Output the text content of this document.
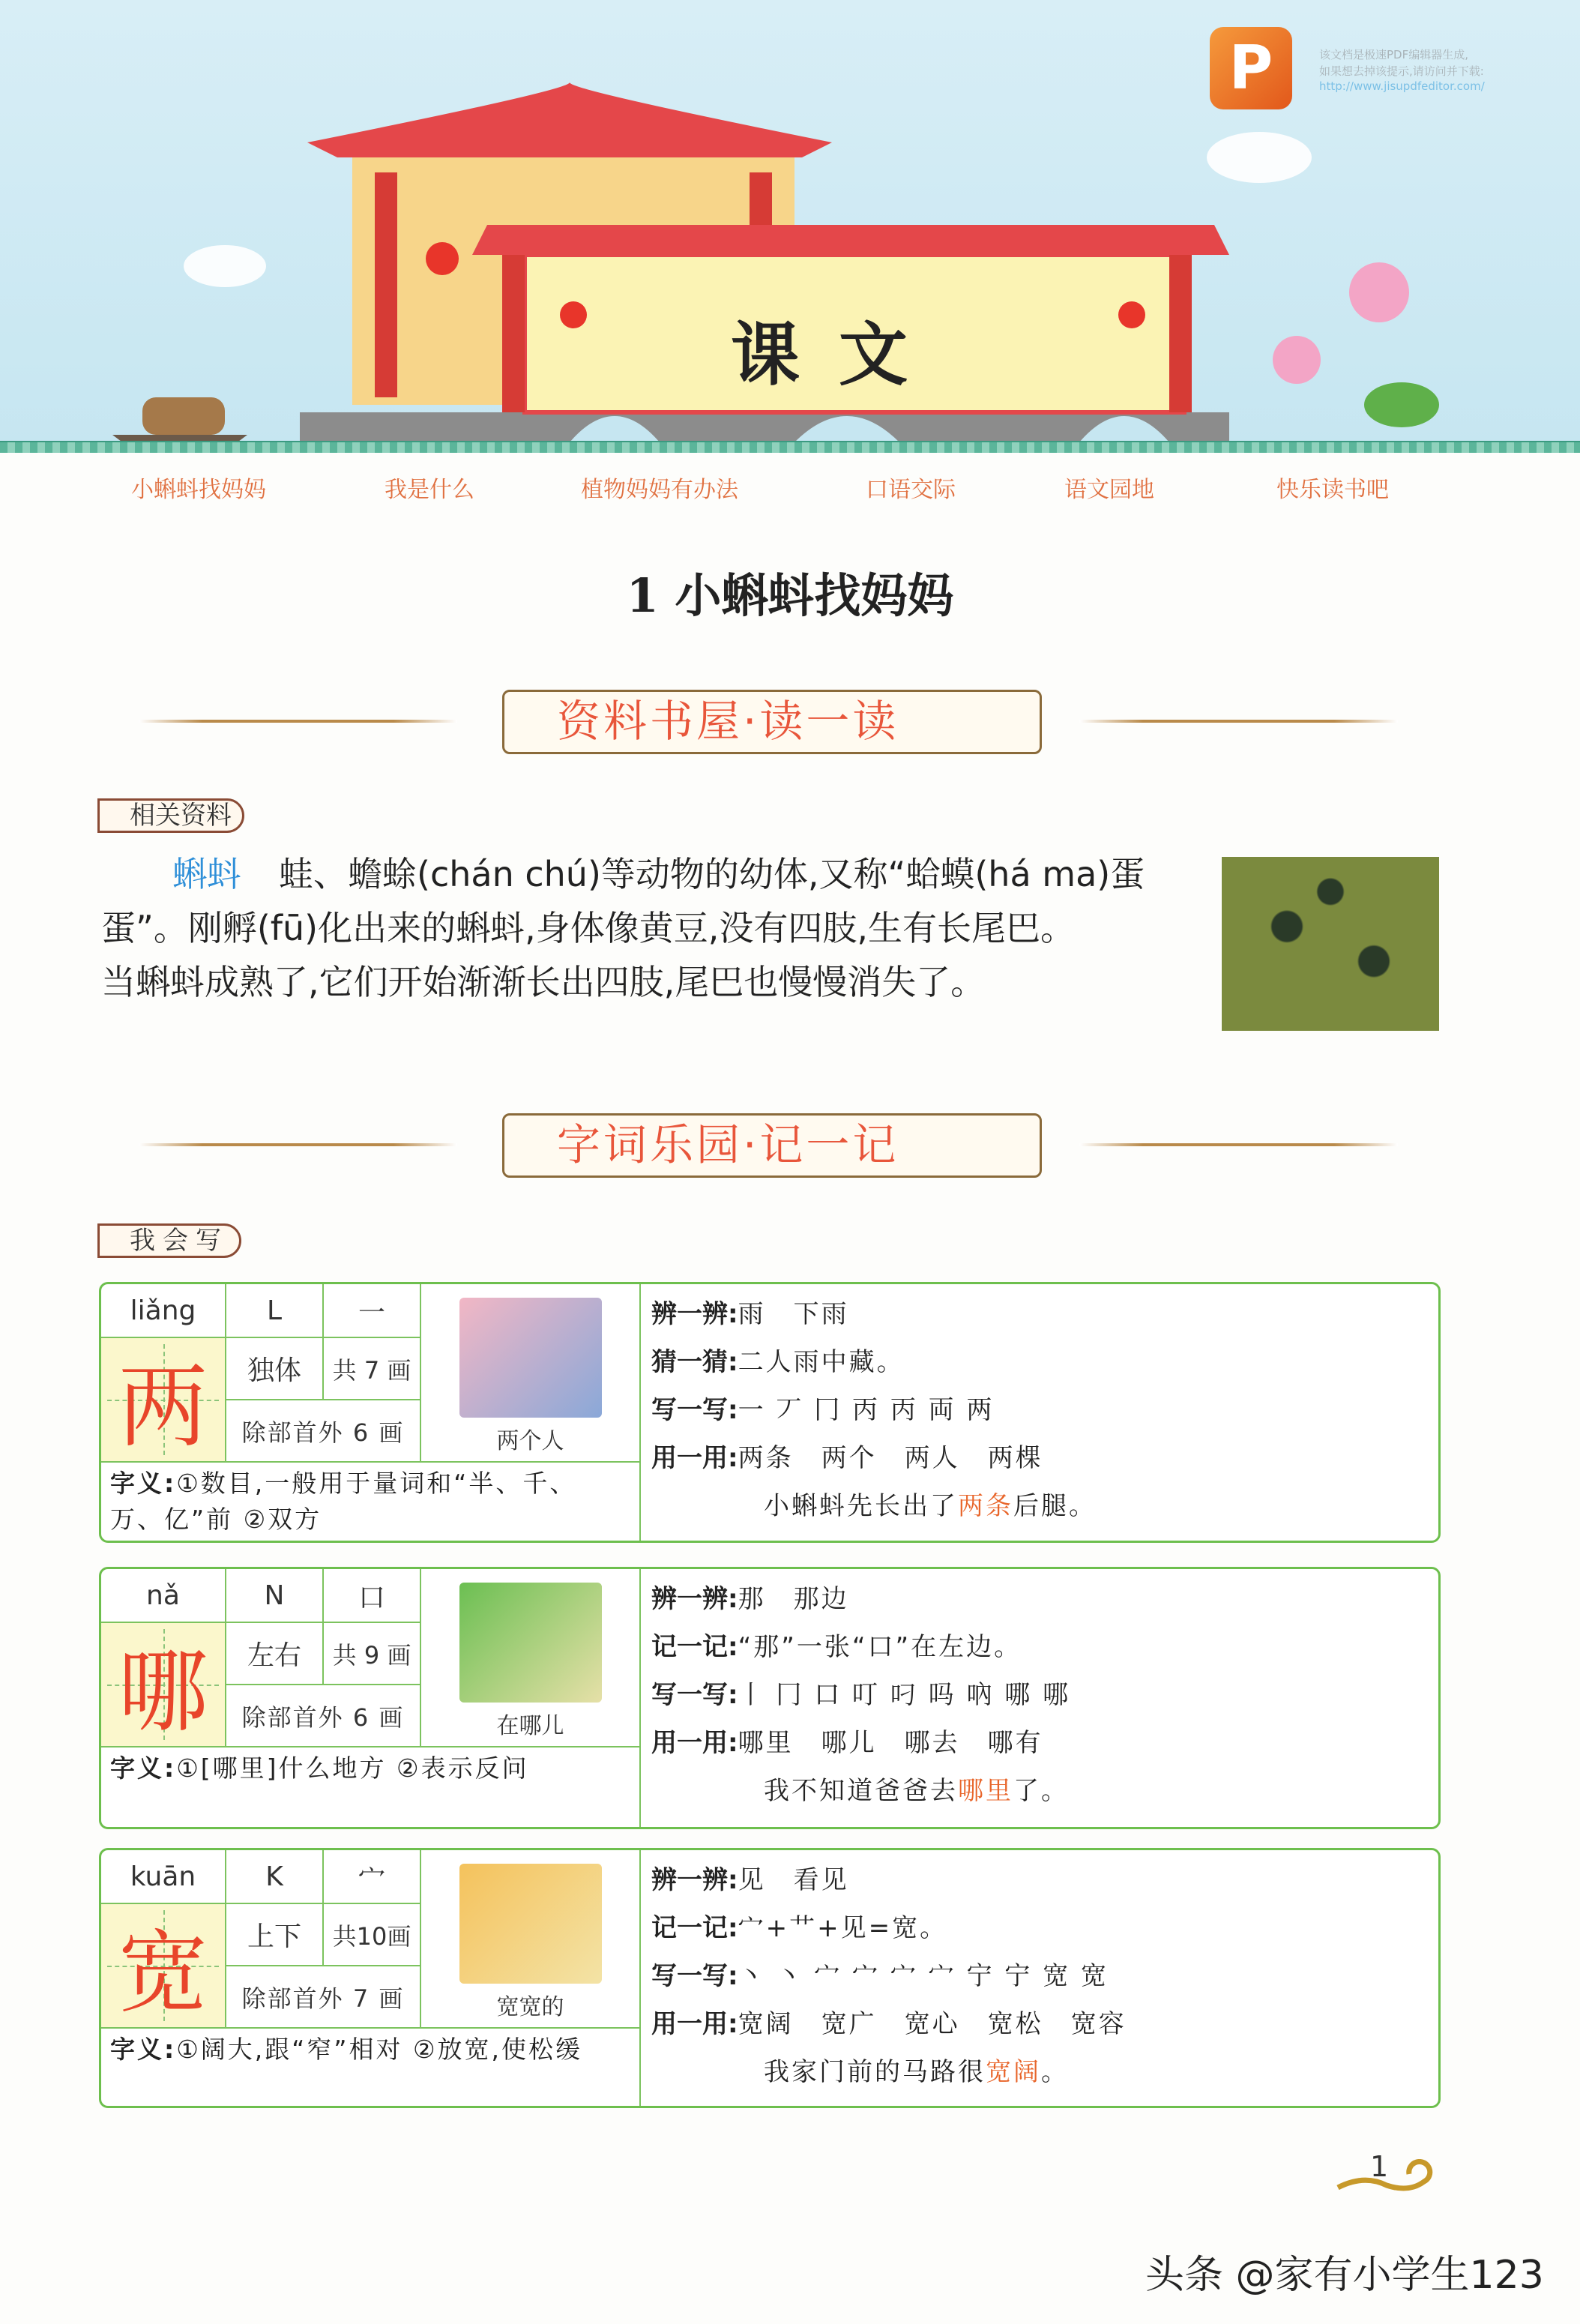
课 文
P	该文档是极速PDF编辑器生成,
如果想去掉该提示,请访问并下载:
http://www.jisupdfeditor.com/
小蝌蚪找妈妈	我是什么	植物妈妈有办法	口语交际	语文园地	快乐读书吧
1 小蝌蚪找妈妈
资料书屋·读一读
相关资料
蝌蚪 蛙、蟾蜍(chán chú)等动物的幼体,又称“蛤蟆(há ma)蛋
蛋”。刚孵(fū)化出来的蝌蚪,身体像黄豆,没有四肢,生有长尾巴。
当蝌蚪成熟了,它们开始渐渐长出四肢,尾巴也慢慢消失了。
字词乐园·记一记
我会写
liǎng	L	一
两	独体	共 7 画
除部首外 6 画	两个人
字义:①数目,一般用于量词和“半、千、万、亿”前 ②双方
辨一辨:雨　下雨
猜一猜:二人雨中藏。
写一写:一 丆 冂 丙 丙 両 两
用一用:两条　两个　两人　两棵
小蝌蚪先长出了两条后腿。
nǎ	N	口
哪	左右	共 9 画
除部首外 6 画	在哪儿
字义:①[哪里]什么地方 ②表示反问
辨一辨:那　那边
记一记:“那”一张“口”在左边。
写一写:丨 冂 口 叮 叼 吗 吶 哪 哪
用一用:哪里　哪儿　哪去　哪有
我不知道爸爸去哪里了。
kuān	K	宀
宽	上下	共10画
除部首外 7 画	宽宽的
字义:①阔大,跟“窄”相对 ②放宽,使松缓
辨一辨:见　看见
记一记:宀+艹+见=宽。
写一写:丶 丶 宀 宀 宀 宀 宁 宁 宽 宽
用一用:宽阔　宽广　宽心　宽松　宽容
我家门前的马路很宽阔。
1
头条 @家有小学生123
